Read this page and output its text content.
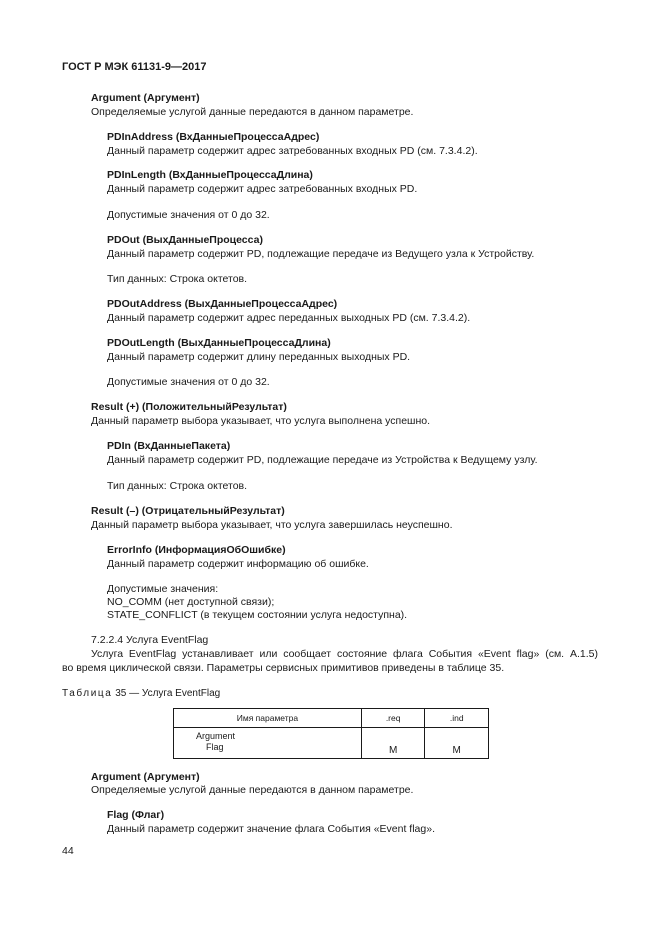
ГОСТ Р МЭК 61131-9—2017
Argument (Аргумент)
Определяемые услугой данные передаются в данном параметре.
PDInAddress (ВхДанныеПроцессаАдрес)
Данный параметр содержит адрес затребованных входных PD (см. 7.3.4.2).
PDInLength (ВхДанныеПроцессаДлина)
Данный параметр содержит адрес затребованных входных PD.
Допустимые значения от 0 до 32.
PDOut (ВыхДанныеПроцесса)
Данный параметр содержит PD, подлежащие передаче из Ведущего узла к Устройству.
Тип данных: Строка октетов.
PDOutAddress (ВыхДанныеПроцессаАдрес)
Данный параметр содержит адрес переданных выходных PD (см. 7.3.4.2).
PDOutLength (ВыхДанныеПроцессаДлина)
Данный параметр содержит длину переданных выходных PD.
Допустимые значения от 0 до 32.
Result (+) (ПоложительныйРезультат)
Данный параметр выбора указывает, что услуга выполнена успешно.
PDIn (ВхДанныеПакета)
Данный параметр содержит PD, подлежащие передаче из Устройства к Ведущему узлу.
Тип данных: Строка октетов.
Result (–) (ОтрицательныйРезультат)
Данный параметр выбора указывает, что услуга завершилась неуспешно.
ErrorInfo (ИнформацияОбОшибке)
Данный параметр содержит информацию об ошибке.
Допустимые значения:
NO_COMM (нет доступной связи);
STATE_CONFLICT (в текущем состоянии услуга недоступна).
7.2.2.4 Услуга EventFlag
Услуга EventFlag устанавливает или сообщает состояние флага События «Event flag» (см. А.1.5)
во время циклической связи. Параметры сервисных примитивов приведены в таблице 35.
Таблица 35 — Услуга EventFlag
Имя параметра	.req	.ind

Argument
Flag	M	M
Argument (Аргумент)
Определяемые услугой данные передаются в данном параметре.
Flag (Флаг)
Данный параметр содержит значение флага События «Event flag».
44
